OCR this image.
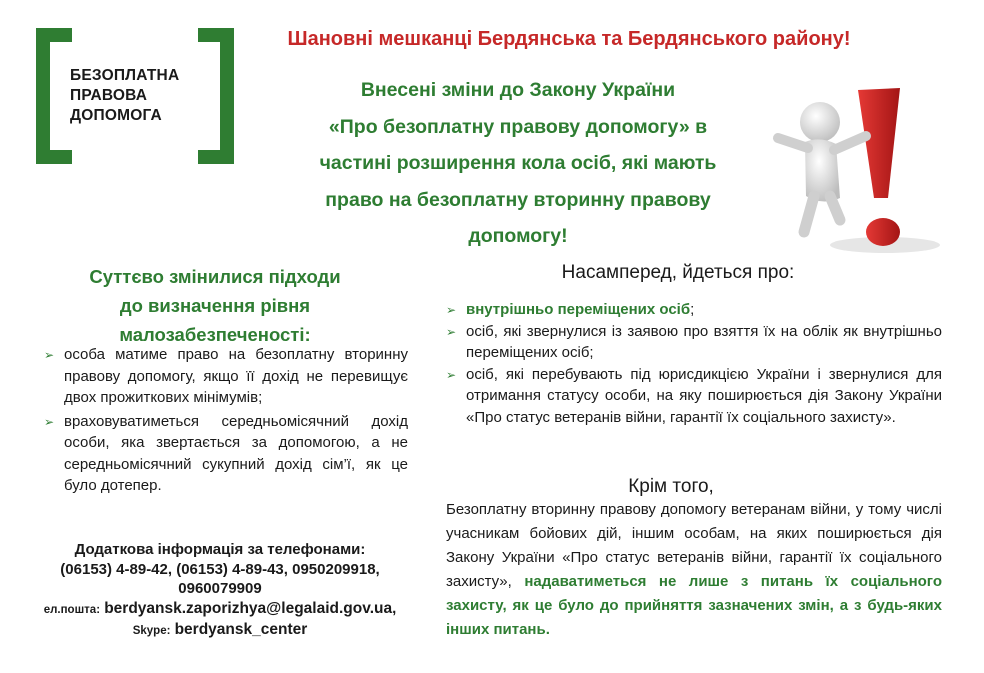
БЕЗОПЛАТНА
ПРАВОВА
ДОПОМОГА
Шановні мешканці Бердянська та Бердянського району!
Внесені зміни до Закону України
«Про безоплатну правову допомогу» в
частині розширення кола осіб, які мають
право на безоплатну вторинну правову
допомогу!
Суттєво змінилися підходи
до визначення рівня
малозабезпеченості:
➢ особа матиме право на безоплатну вторинну правову допомогу, якщо її дохід не перевищує двох прожиткових мінімумів;
➢ враховуватиметься середньомісячний дохід особи, яка звертається за допомогою, а не середньомісячний сукупний дохід сім’ї, як це було дотепер.
Додаткова інформація за телефонами:
(06153) 4-89-42, (06153) 4-89-43, 0950209918,
0960079909
ел.пошта: berdyansk.zaporizhya@legalaid.gov.ua,
Skype: berdyansk_center
Насамперед, йдеться про:
➢ внутрішньо переміщених осіб;
➢ осіб, які звернулися із заявою про взяття їх на облік як внутрішньо переміщених осіб;
➢ осіб, які перебувають під юрисдикцією України і звернулися для отримання статусу особи, на яку поширюється дія Закону України «Про статус ветеранів війни, гарантії їх соціального захисту».
Крім того,
Безоплатну вторинну правову допомогу ветеранам війни, у тому числі учасникам бойових дій, іншим особам, на яких поширюється дія Закону України «Про статус ветеранів війни, гарантії їх соціального захисту», надаватиметься не лише з питань їх соціального захисту, як це було до прийняття зазначених змін, а з будь-яких інших питань.
